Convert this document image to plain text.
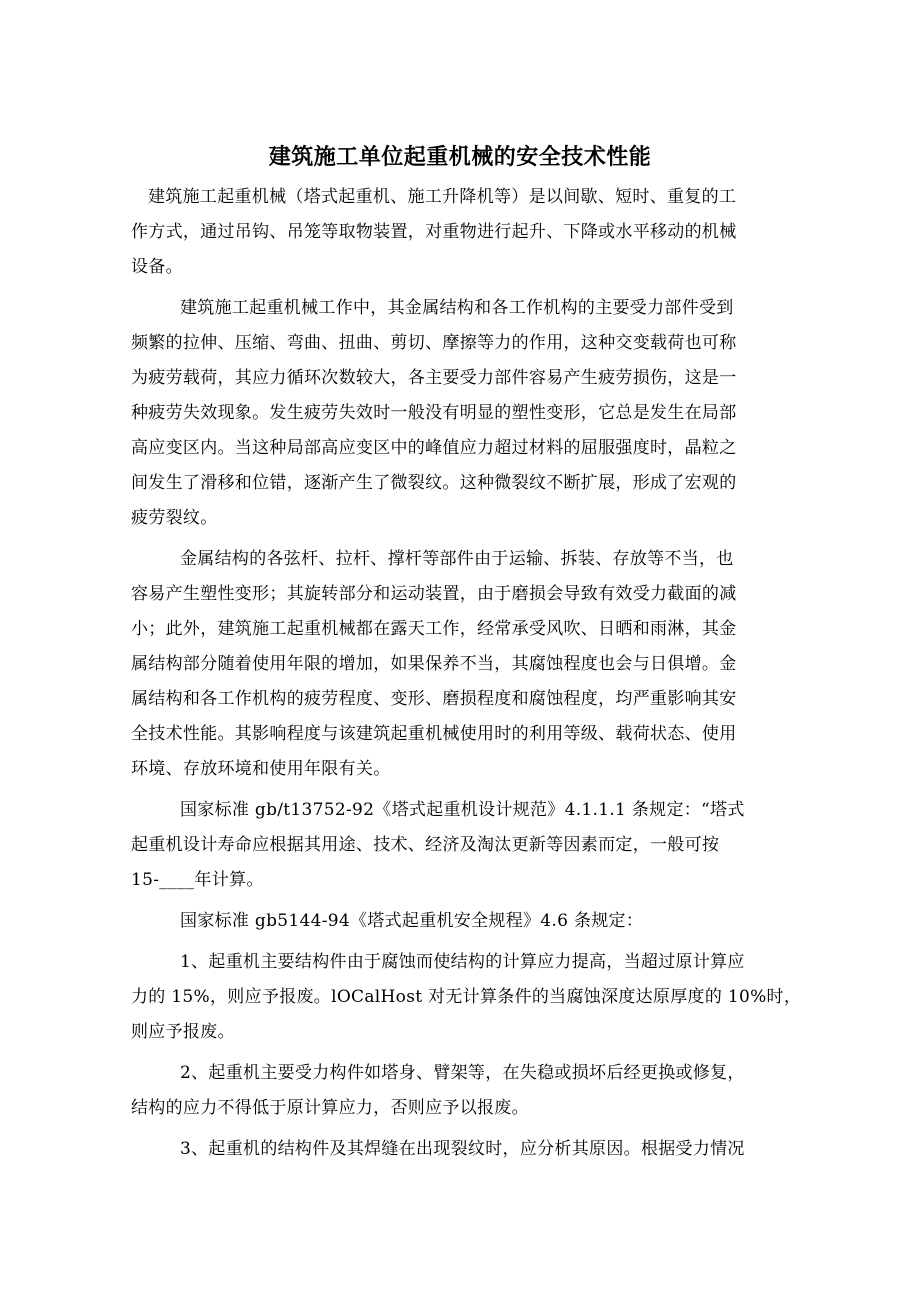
建筑施工单位起重机械的安全技术性能
建筑施工起重机械（塔式起重机、施工升降机等）是以间歇、短时、重复的工
作方式，通过吊钩、吊笼等取物装置，对重物进行起升、下降或水平移动的机械
设备。
建筑施工起重机械工作中，其金属结构和各工作机构的主要受力部件受到
频繁的拉伸、压缩、弯曲、扭曲、剪切、摩擦等力的作用，这种交变载荷也可称
为疲劳载荷，其应力循环次数较大，各主要受力部件容易产生疲劳损伤，这是一
种疲劳失效现象。发生疲劳失效时一般没有明显的塑性变形，它总是发生在局部
高应变区内。当这种局部高应变区中的峰值应力超过材料的屈服强度时，晶粒之
间发生了滑移和位错，逐渐产生了微裂纹。这种微裂纹不断扩展，形成了宏观的
疲劳裂纹。
金属结构的各弦杆、拉杆、撑杆等部件由于运输、拆装、存放等不当，也
容易产生塑性变形；其旋转部分和运动装置，由于磨损会导致有效受力截面的减
小；此外，建筑施工起重机械都在露天工作，经常承受风吹、日晒和雨淋，其金
属结构部分随着使用年限的增加，如果保养不当，其腐蚀程度也会与日俱增。金
属结构和各工作机构的疲劳程度、变形、磨损程度和腐蚀程度，均严重影响其安
全技术性能。其影响程度与该建筑起重机械使用时的利用等级、载荷状态、使用
环境、存放环境和使用年限有关。
国家标准 gb/t13752-92《塔式起重机设计规范》4.1.1.1 条规定：“塔式
起重机设计寿命应根据其用途、技术、经济及淘汰更新等因素而定，一般可按
15-____年计算。
国家标准 gb5144-94《塔式起重机安全规程》4.6 条规定：
1、起重机主要结构件由于腐蚀而使结构的计算应力提高，当超过原计算应
力的 15%，则应予报废。lOCalHost 对无计算条件的当腐蚀深度达原厚度的 10%时，
则应予报废。
2、起重机主要受力构件如塔身、臂架等，在失稳或损坏后经更换或修复，
结构的应力不得低于原计算应力，否则应予以报废。
3、起重机的结构件及其焊缝在出现裂纹时，应分析其原因。根据受力情况
